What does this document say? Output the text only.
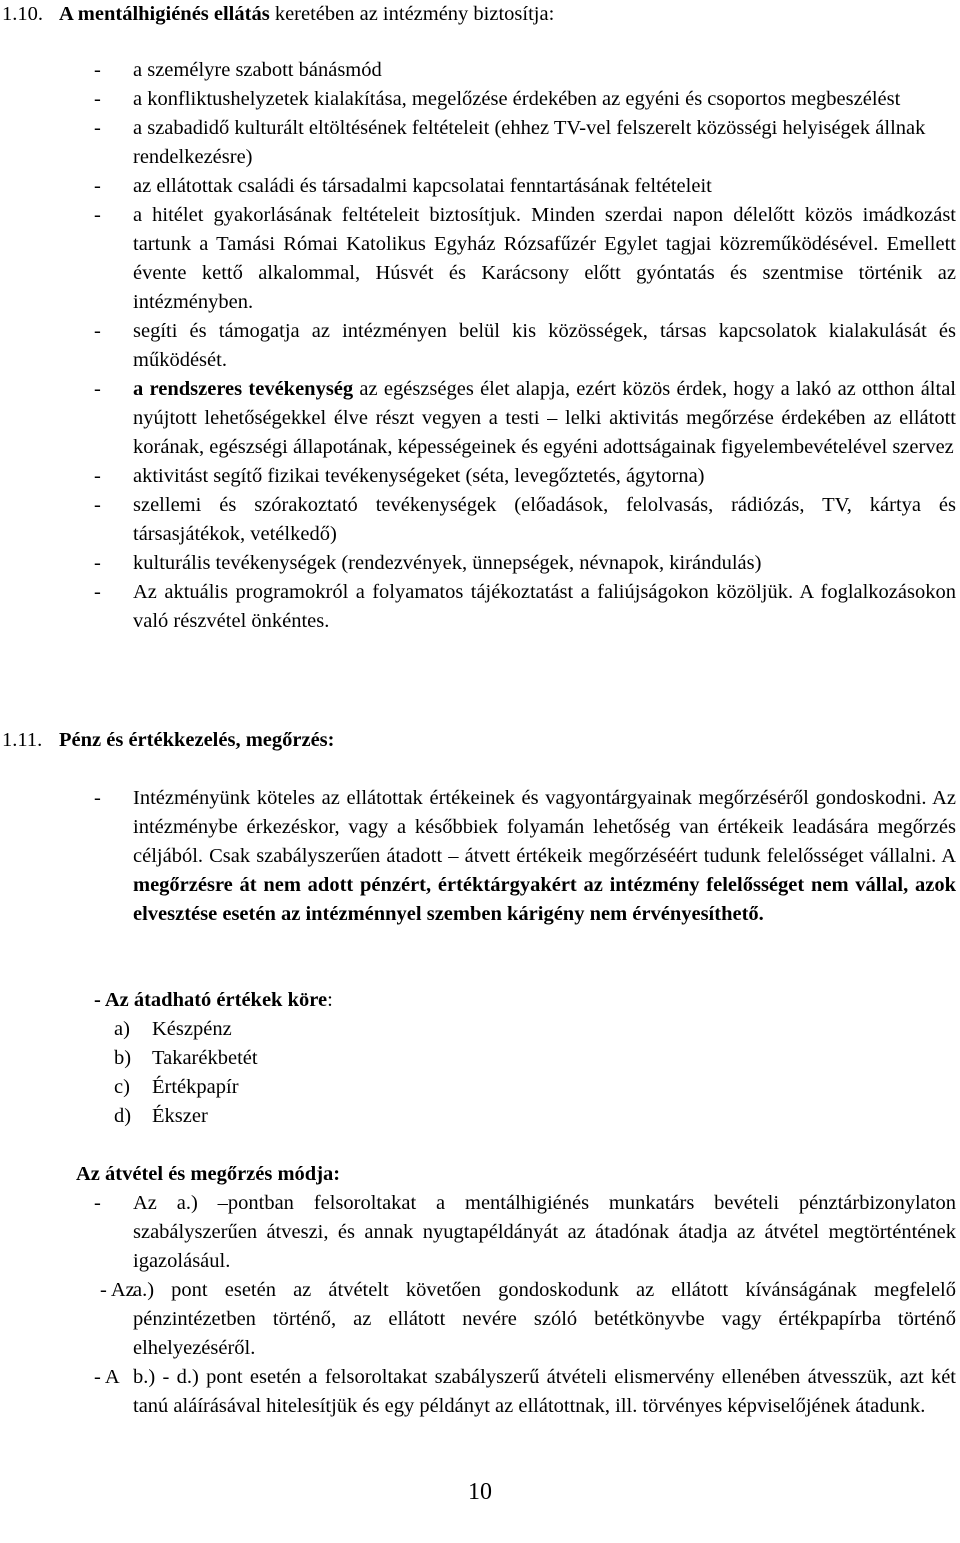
1.10. A mentálhigiénés ellátás keretében az intézmény biztosítja:
- a személyre szabott bánásmód
- a konfliktushelyzetek kialakítása, megelőzése érdekében az egyéni és csoportos megbeszélést
- a szabadidő kulturált eltöltésének feltételeit (ehhez TV-vel felszerelt közösségi helyiségek állnak rendelkezésre)
- az ellátottak családi és társadalmi kapcsolatai fenntartásának feltételeit
- a hitélet gyakorlásának feltételeit biztosítjuk. Minden szerdai napon délelőtt közös imádkozást tartunk a Tamási Római Katolikus Egyház Rózsafűzér Egylet tagjai közreműködésével. Emellett évente kettő alkalommal, Húsvét és Karácsony előtt gyóntatás és szentmise történik az intézményben.
- segíti és támogatja az intézményen belül kis közösségek, társas kapcsolatok kialakulását és működését.
- a rendszeres tevékenység az egészséges élet alapja, ezért közös érdek, hogy a lakó az otthon által nyújtott lehetőségekkel élve részt vegyen a testi – lelki aktivitás megőrzése érdekében az ellátott korának, egészségi állapotának, képességeinek és egyéni adottságainak figyelembevételével szervez
- aktivitást segítő fizikai tevékenységeket (séta, levegőztetés, ágytorna)
- szellemi és szórakoztató tevékenységek (előadások, felolvasás, rádiózás, TV, kártya és társasjátékok, vetélkedő)
- kulturális tevékenységek (rendezvények, ünnepségek, névnapok, kirándulás)
- Az aktuális programokról a folyamatos tájékoztatást a faliújságokon közöljük. A foglalkozásokon való részvétel önkéntes.
1.11. Pénz és értékkezelés, megőrzés:
- Intézményünk köteles az ellátottak értékeinek és vagyontárgyainak megőrzéséről gondoskodni. Az intézménybe érkezéskor, vagy a későbbiek folyamán lehetőség van értékeik leadására megőrzés céljából. Csak szabályszerűen átadott – átvett értékeik megőrzéséért tudunk felelősséget vállalni. A megőrzésre át nem adott pénzért, értéktárgyakért az intézmény felelősséget nem vállal, azok elvesztése esetén az intézménnyel szemben kárigény nem érvényesíthető.
- Az átadható értékek köre:
a) Készpénz
b) Takarékbetét
c) Értékpapír
d) Ékszer
Az átvétel és megőrzés módja:
- Az a.) –pontban felsoroltakat a mentálhigiénés munkatárs bevételi pénztárbizonylaton szabályszerűen átveszi, és annak nyugtapéldányát az átadónak átadja az átvétel megtörténtének igazolásául.
- Az
a.) pont esetén az átvételt követően gondoskodunk az ellátott kívánságának megfelelő pénzintézetben történő, az ellátott nevére szóló betétkönyvbe vagy értékpapírba történő elhelyezéséről.
- A b.) - d.) pont esetén a felsoroltakat szabályszerű átvételi elismervény ellenében átvesszük, azt két tanú aláírásával hitelesítjük és egy példányt az ellátottnak, ill. törvényes képviselőjének átadunk.
10
